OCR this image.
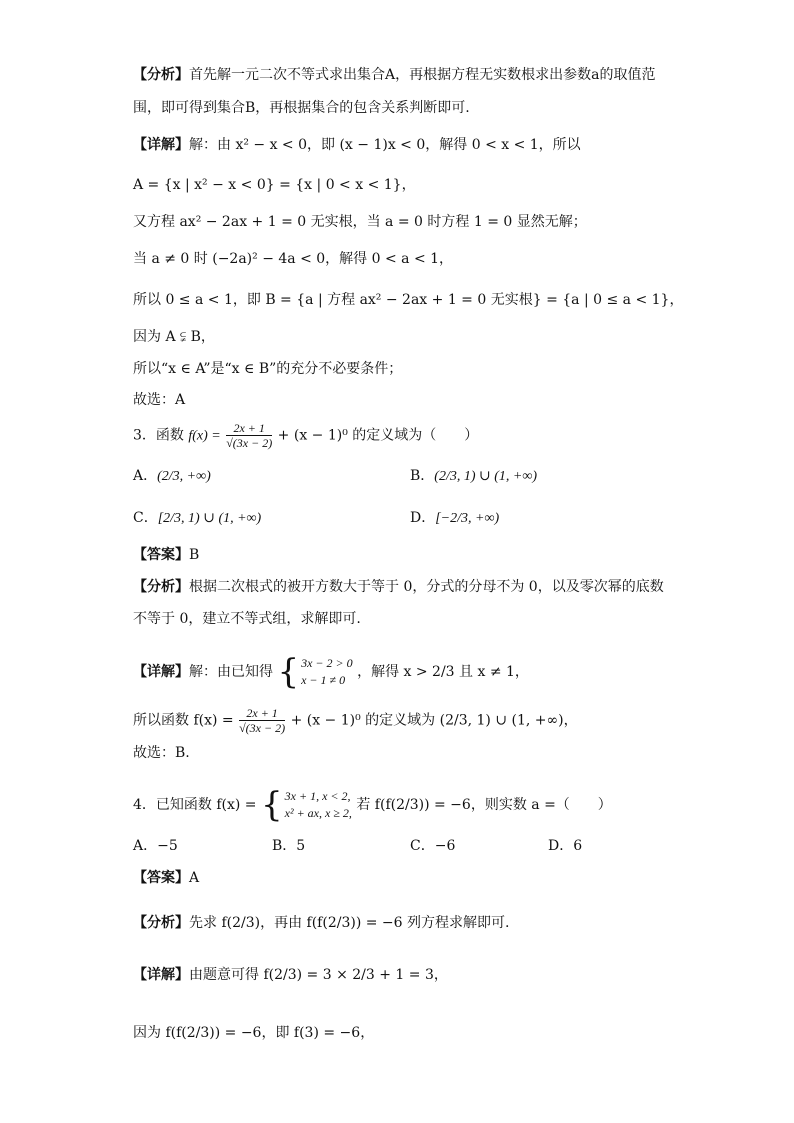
【分析】首先解一元二次不等式求出集合A，再根据方程无实数根求出参数a的取值范
围，即可得到集合B，再根据集合的包含关系判断即可.
【详解】解：由 x² − x < 0，即 (x − 1)x < 0，解得 0 < x < 1，所以
A = {x | x² − x < 0} = {x | 0 < x < 1}，
又方程 ax² − 2ax + 1 = 0 无实根，当 a = 0 时方程 1 = 0 显然无解；
当 a ≠ 0 时 (−2a)² − 4a < 0，解得 0 < a < 1，
所以 0 ≤ a < 1，即 B = {a | 方程 ax² − 2ax + 1 = 0 无实根} = {a | 0 ≤ a < 1}，
因为 A ⫋ B，
所以“x ∈ A”是“x ∈ B”的充分不必要条件；
故选：A
3．函数 $f(x) = \frac{2x + 1}{√(3x - 2)} + (x - 1)^0$ 的定义域为（　　）
A．(2/3, +∞)	B．(2/3, 1) ∪ (1, +∞)
C．[2/3, 1) ∪ (1, +∞)	D．[−2/3, +∞)
【答案】B
【分析】根据二次根式的被开方数大于等于 0，分式的分母不为 0，以及零次幂的底数
不等于 0，建立不等式组，求解即可.
【详解】解：由已知得 { 3x − 2 > 0
x − 1 ≠ 0 ，解得 x > 2/3 且 x ≠ 1，
所以函数 $f(x) = \frac{2x + 1}{√(3x - 2)} + (x - 1)^0$ 的定义域为 (2/3, 1) ∪ (1, +∞)，
故选：B.
4．已知函数 f(x) = { 3x + 1, x < 2,
x² + ax, x ≥ 2, 若 f(f(2/3)) = −6，则实数 a =（　　）
A．−5	B．5	C．−6	D．6
【答案】A
【分析】先求 f(2/3)，再由 f(f(2/3)) = −6 列方程求解即可.
【详解】由题意可得 f(2/3) = 3 × 2/3 + 1 = 3，
因为 f(f(2/3)) = −6，即 f(3) = −6，
